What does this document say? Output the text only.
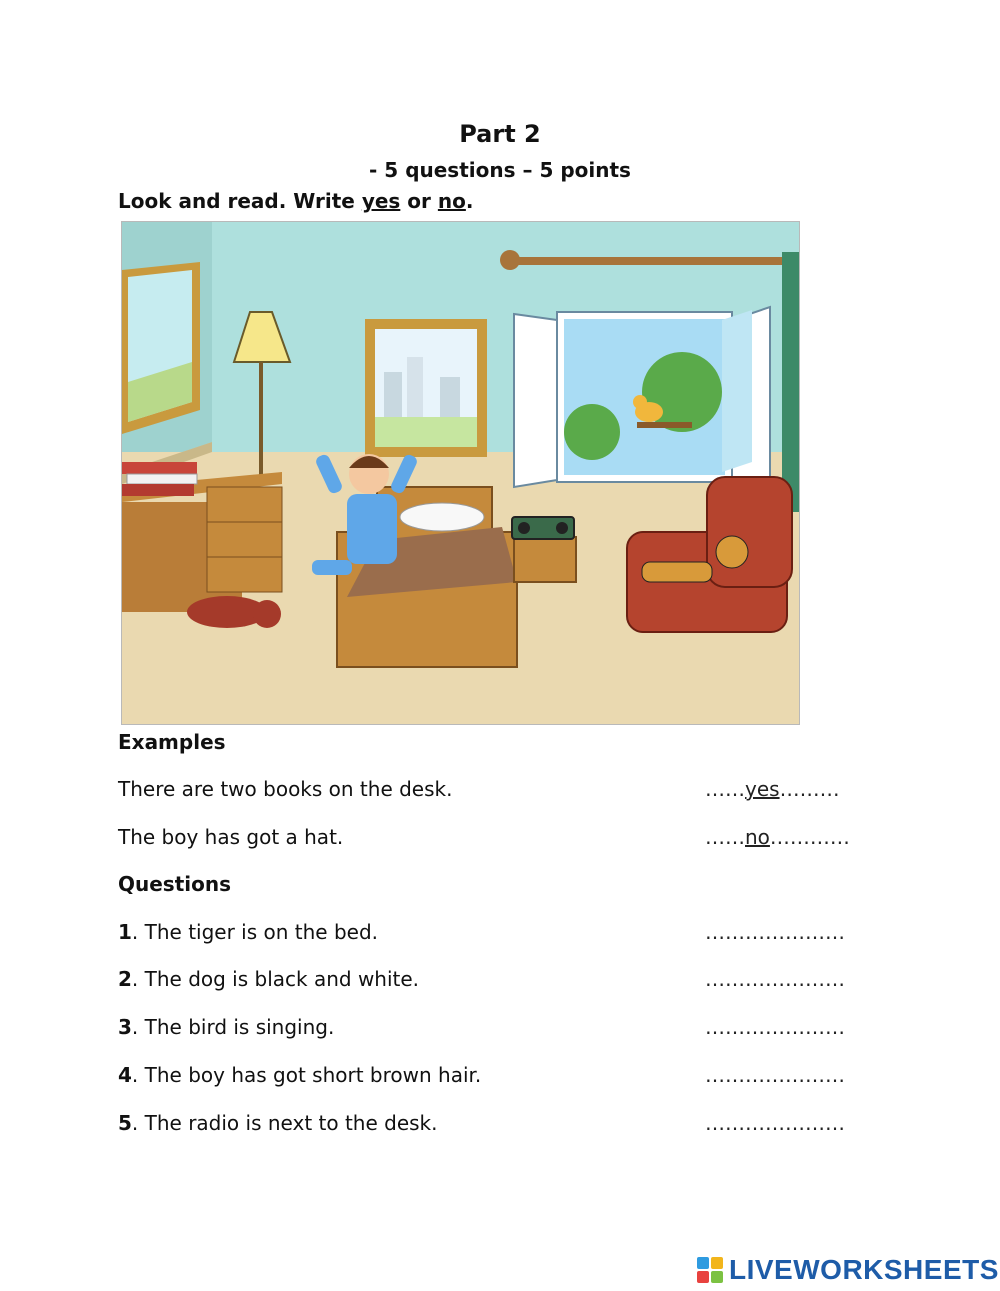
Part 2
- 5 questions – 5 points
Look and read. Write yes or no.
Examples
There are two books on the desk.	……yes………
The boy has got a hat.	……no…………
Questions
1. The tiger is on the bed.	…………………
2. The dog is black and white.	…………………
3. The bird is singing.	…………………
4. The boy has got short brown hair.	…………………
5. The radio is next to the desk.	…………………
LIVEWORKSHEETS
